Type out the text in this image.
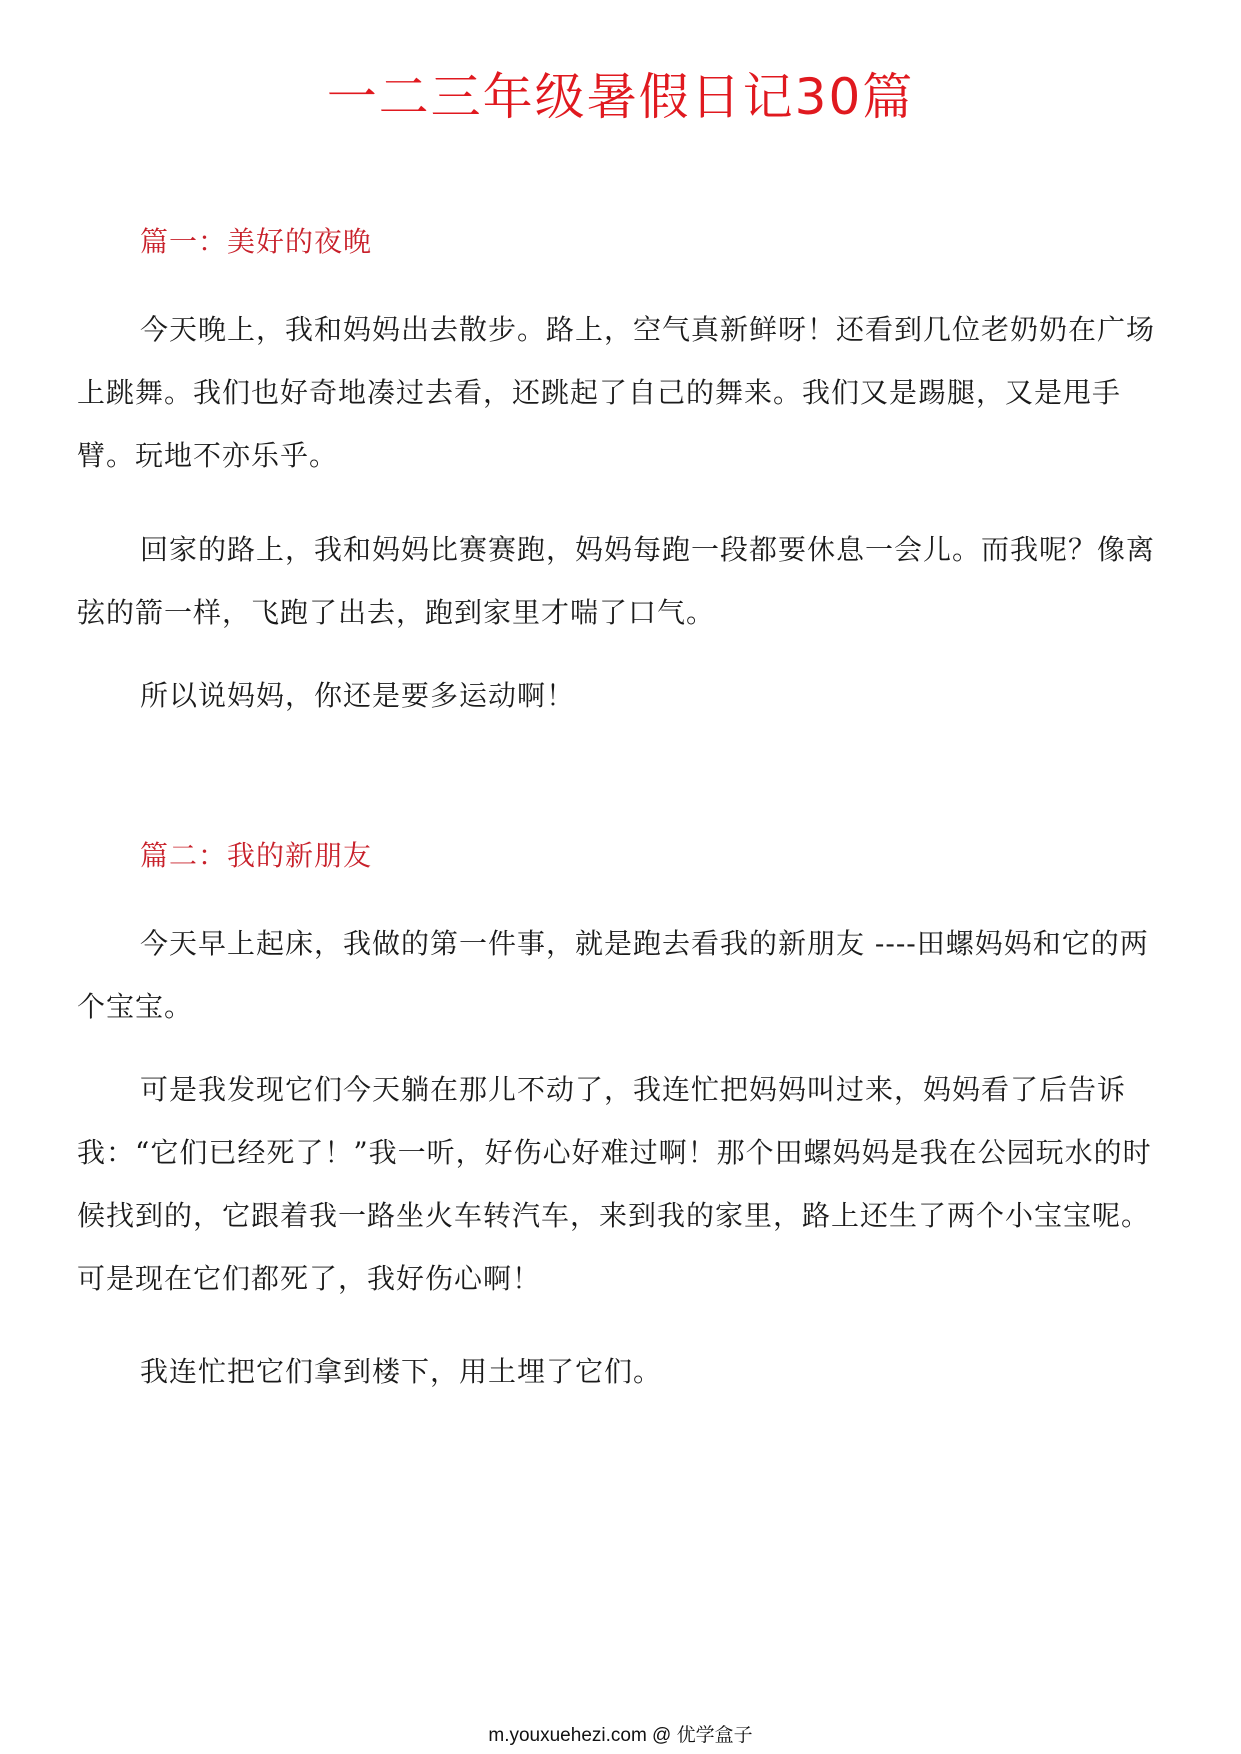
一二三年级暑假日记30篇
篇一：美好的夜晚

今天晚上，我和妈妈出去散步。路上，空气真新鲜呀！还看到几位老奶奶在广场上跳舞。我们也好奇地凑过去看，还跳起了自己的舞来。我们又是踢腿，又是甩手臂。玩地不亦乐乎。

回家的路上，我和妈妈比赛赛跑，妈妈每跑一段都要休息一会儿。而我呢？像离弦的箭一样，飞跑了出去，跑到家里才喘了口气。

所以说妈妈，你还是要多运动啊！

篇二：我的新朋友

今天早上起床，我做的第一件事，就是跑去看我的新朋友 ----田螺妈妈和它的两个宝宝。

可是我发现它们今天躺在那儿不动了，我连忙把妈妈叫过来，妈妈看了后告诉我：“它们已经死了！”我一听，好伤心好难过啊！那个田螺妈妈是我在公园玩水的时候找到的，它跟着我一路坐火车转汽车，来到我的家里，路上还生了两个小宝宝呢。可是现在它们都死了，我好伤心啊！

我连忙把它们拿到楼下，用土埋了它们。

m.youxuehezi.com @ 优学盒子
